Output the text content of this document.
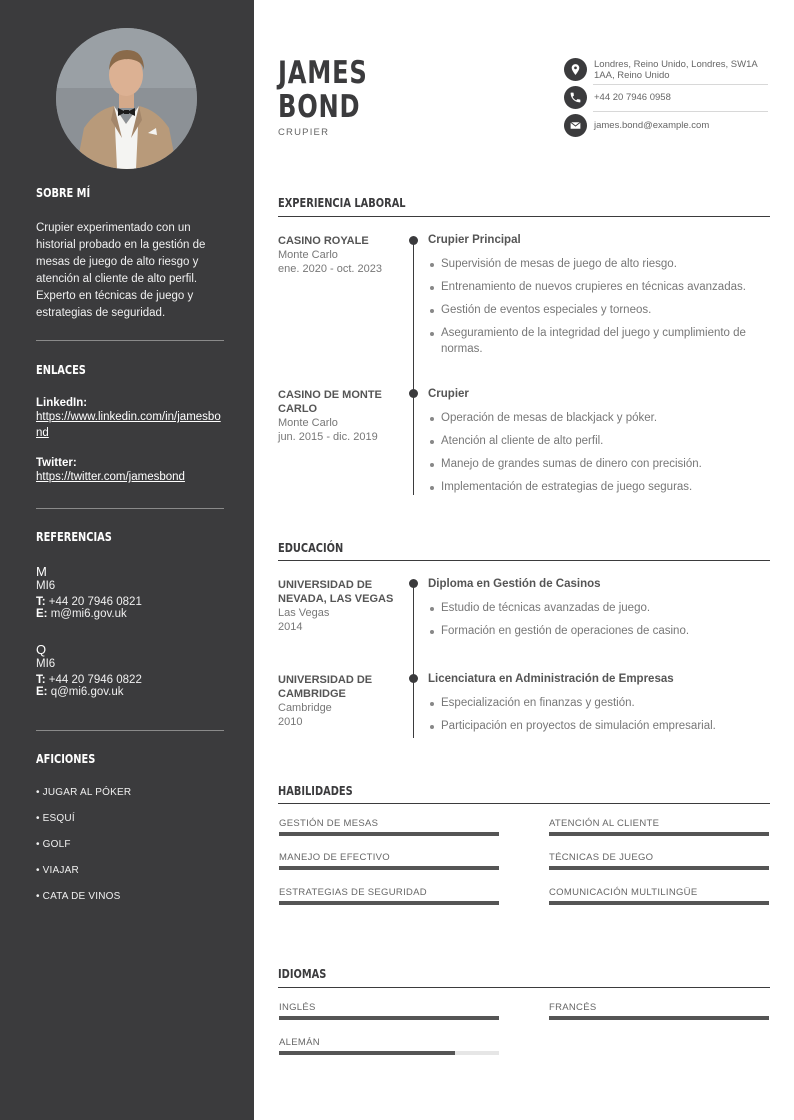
SOBRE MÍ
Crupier experimentado con un historial probado en la gestión de mesas de juego de alto riesgo y atención al cliente de alto perfil. Experto en técnicas de juego y estrategias de seguridad.
ENLACES
LinkedIn:
https://www.linkedin.com/in/jamesbond
Twitter:
https://twitter.com/jamesbond
REFERENCIAS
M
MI6
T: +44 20 7946 0821
E: m@mi6.gov.uk
Q
MI6
T: +44 20 7946 0822
E: q@mi6.gov.uk
AFICIONES
• JUGAR AL PÓKER
• ESQUÍ
• GOLF
• VIAJAR
• CATA DE VINOS
JAMES
BOND
CRUPIER
Londres, Reino Unido, Londres, SW1A 1AA, Reino Unido
+44 20 7946 0958
james.bond@example.com
EXPERIENCIA LABORAL
CASINO ROYALE
Monte Carlo
ene. 2020 - oct. 2023
Crupier Principal
Supervisión de mesas de juego de alto riesgo.
Entrenamiento de nuevos crupieres en técnicas avanzadas.
Gestión de eventos especiales y torneos.
Aseguramiento de la integridad del juego y cumplimiento de normas.
CASINO DE MONTE CARLO
Monte Carlo
jun. 2015 - dic. 2019
Crupier
Operación de mesas de blackjack y póker.
Atención al cliente de alto perfil.
Manejo de grandes sumas de dinero con precisión.
Implementación de estrategias de juego seguras.
EDUCACIÓN
UNIVERSIDAD DE NEVADA, LAS VEGAS
Las Vegas
2014
Diploma en Gestión de Casinos
Estudio de técnicas avanzadas de juego.
Formación en gestión de operaciones de casino.
UNIVERSIDAD DE CAMBRIDGE
Cambridge
2010
Licenciatura en Administración de Empresas
Especialización en finanzas y gestión.
Participación en proyectos de simulación empresarial.
HABILIDADES
GESTIÓN DE MESAS	ATENCIÓN AL CLIENTE
MANEJO DE EFECTIVO	TÉCNICAS DE JUEGO
ESTRATEGIAS DE SEGURIDAD	COMUNICACIÓN MULTILINGÜE
IDIOMAS
INGLÉS	FRANCÉS
ALEMÁN
